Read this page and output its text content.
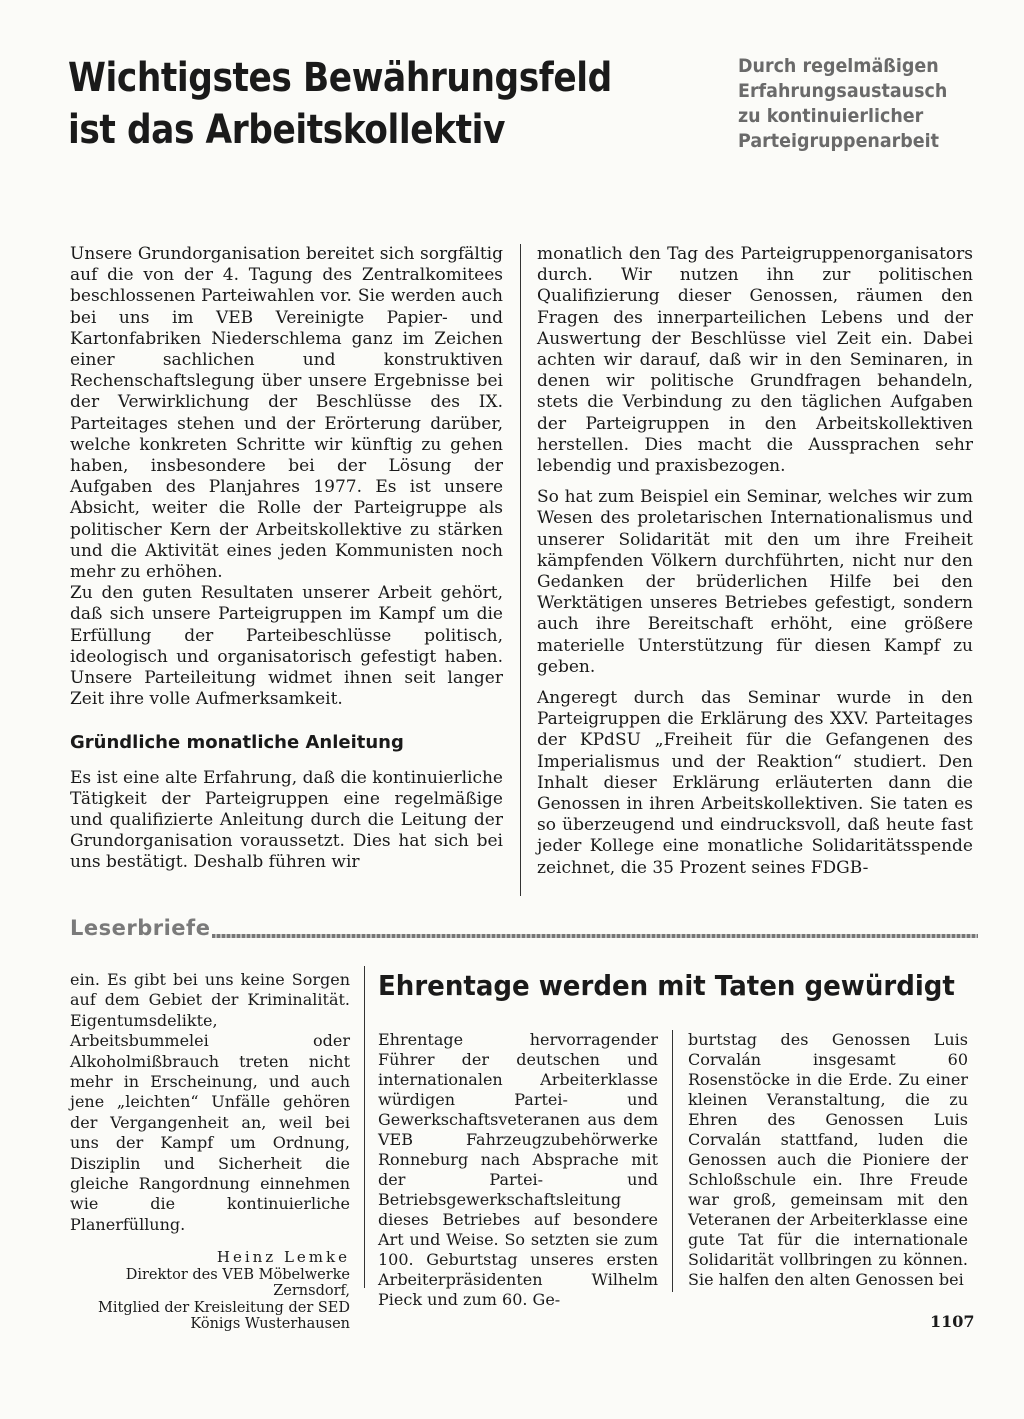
Wichtigstes Bewährungsfeld
ist das Arbeitskollektiv
Durch regelmäßigen
Erfahrungsaustausch
zu kontinuierlicher
Parteigruppenarbeit

Unsere Grundorganisation bereitet sich sorgfältig auf die von der 4. Tagung des Zentralkomitees beschlossenen Parteiwahlen vor. Sie werden auch bei uns im VEB Vereinigte Papier- und Kartonfabriken Niederschlema ganz im Zeichen einer sachlichen und konstruktiven Rechenschaftslegung über unsere Ergebnisse bei der Verwirklichung der Beschlüsse des IX. Parteitages stehen und der Erörterung darüber, welche konkreten Schritte wir künftig zu gehen haben, insbesondere bei der Lösung der Aufgaben des Planjahres 1977. Es ist unsere Absicht, weiter die Rolle der Parteigruppe als politischer Kern der Arbeitskollektive zu stärken und die Aktivität eines jeden Kommunisten noch mehr zu erhöhen.

Zu den guten Resultaten unserer Arbeit gehört, daß sich unsere Parteigruppen im Kampf um die Erfüllung der Parteibeschlüsse politisch, ideologisch und organisatorisch gefestigt haben. Unsere Parteileitung widmet ihnen seit langer Zeit ihre volle Aufmerksamkeit.

Gründliche monatliche Anleitung

Es ist eine alte Erfahrung, daß die kontinuierliche Tätigkeit der Parteigruppen eine regelmäßige und qualifizierte Anleitung durch die Leitung der Grundorganisation voraussetzt. Dies hat sich bei uns bestätigt. Deshalb führen wir

monatlich den Tag des Parteigruppenorganisators durch. Wir nutzen ihn zur politischen Qualifizierung dieser Genossen, räumen den Fragen des innerparteilichen Lebens und der Auswertung der Beschlüsse viel Zeit ein. Dabei achten wir darauf, daß wir in den Seminaren, in denen wir politische Grundfragen behandeln, stets die Verbindung zu den täglichen Aufgaben der Parteigruppen in den Arbeitskollektiven herstellen. Dies macht die Aussprachen sehr lebendig und praxisbezogen.

So hat zum Beispiel ein Seminar, welches wir zum Wesen des proletarischen Internationalismus und unserer Solidarität mit den um ihre Freiheit kämpfenden Völkern durchführten, nicht nur den Gedanken der brüderlichen Hilfe bei den Werktätigen unseres Betriebes gefestigt, sondern auch ihre Bereitschaft erhöht, eine größere materielle Unterstützung für diesen Kampf zu geben.

Angeregt durch das Seminar wurde in den Parteigruppen die Erklärung des XXV. Parteitages der KPdSU „Freiheit für die Gefangenen des Imperialismus und der Reaktion“ studiert. Den Inhalt dieser Erklärung erläuterten dann die Genossen in ihren Arbeitskollektiven. Sie taten es so überzeugend und eindrucksvoll, daß heute fast jeder Kollege eine monatliche Solidaritätsspende zeichnet, die 35 Prozent seines FDGB-

Leserbriefe

ein. Es gibt bei uns keine Sorgen auf dem Gebiet der Kriminalität. Eigentumsdelikte, Arbeitsbummelei oder Alkoholmißbrauch treten nicht mehr in Erscheinung, und auch jene „leichten“ Unfälle gehören der Vergangenheit an, weil bei uns der Kampf um Ordnung, Disziplin und Sicherheit die gleiche Rangordnung einnehmen wie die kontinuierliche Planerfüllung.

Heinz Lemke
Direktor des VEB Möbelwerke
Zernsdorf,
Mitglied der Kreisleitung der SED
Königs Wusterhausen
Ehrentage werden mit Taten gewürdigt

Ehrentage hervorragender Führer der deutschen und internationalen Arbeiterklasse würdigen Partei- und Gewerkschaftsveteranen aus dem VEB Fahrzeugzubehörwerke Ronneburg nach Absprache mit der Partei- und Betriebsgewerkschaftsleitung dieses Betriebes auf besondere Art und Weise. So setzten sie zum 100. Geburtstag unseres ersten Arbeiterpräsidenten Wilhelm Pieck und zum 60. Ge-

burtstag des Genossen Luis Corvalán insgesamt 60 Rosenstöcke in die Erde. Zu einer kleinen Veranstaltung, die zu Ehren des Genossen Luis Corvalán stattfand, luden die Genossen auch die Pioniere der Schloßschule ein. Ihre Freude war groß, gemeinsam mit den Veteranen der Arbeiterklasse eine gute Tat für die internationale Solidarität vollbringen zu können. Sie halfen den alten Genossen bei

1107
